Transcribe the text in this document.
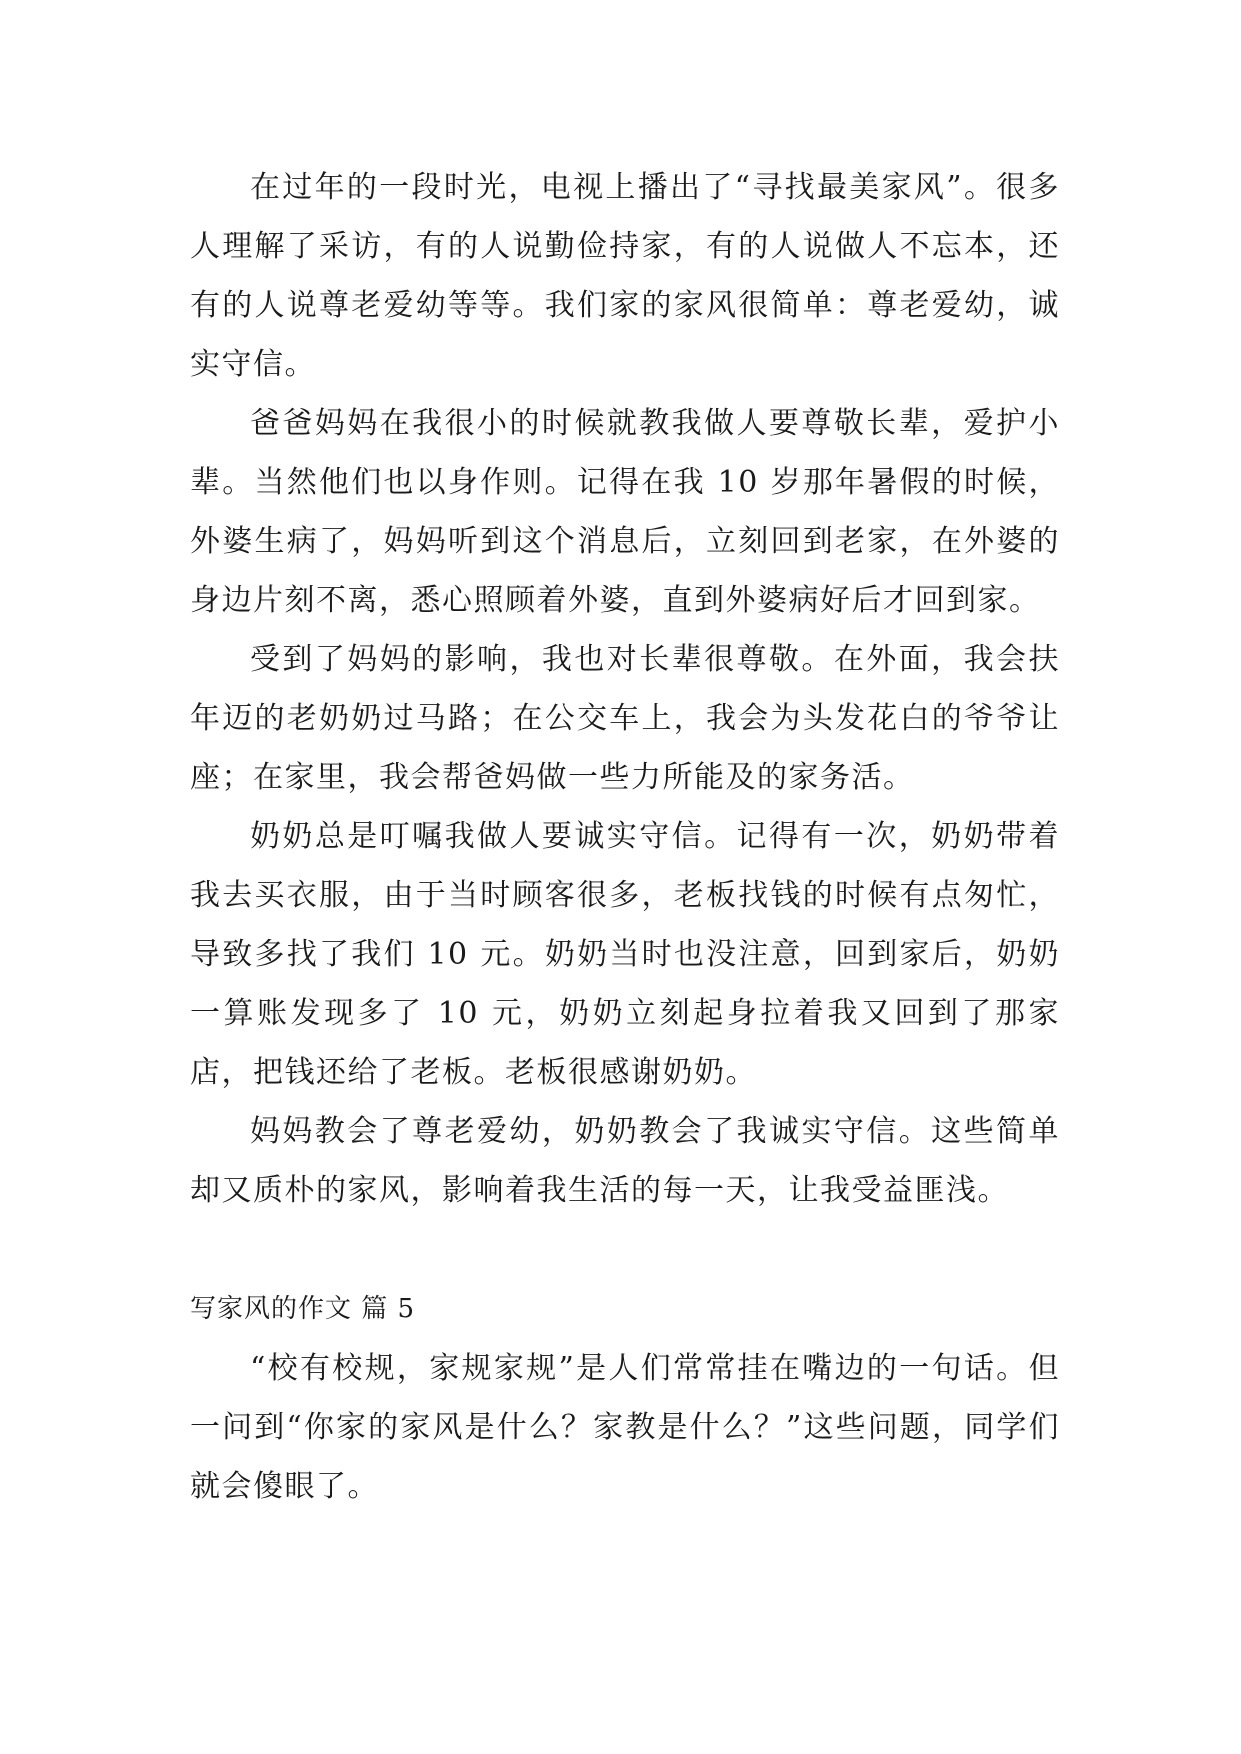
在过年的一段时光，电视上播出了“寻找最美家风”。很多人理解了采访，有的人说勤俭持家，有的人说做人不忘本，还有的人说尊老爱幼等等。我们家的家风很简单：尊老爱幼，诚实守信。

爸爸妈妈在我很小的时候就教我做人要尊敬长辈，爱护小辈。当然他们也以身作则。记得在我 10 岁那年暑假的时候，外婆生病了，妈妈听到这个消息后，立刻回到老家，在外婆的身边片刻不离，悉心照顾着外婆，直到外婆病好后才回到家。

受到了妈妈的影响，我也对长辈很尊敬。在外面，我会扶年迈的老奶奶过马路；在公交车上，我会为头发花白的爷爷让座；在家里，我会帮爸妈做一些力所能及的家务活。

奶奶总是叮嘱我做人要诚实守信。记得有一次，奶奶带着我去买衣服，由于当时顾客很多，老板找钱的时候有点匆忙，导致多找了我们 10 元。奶奶当时也没注意，回到家后，奶奶一算账发现多了 10 元，奶奶立刻起身拉着我又回到了那家店，把钱还给了老板。老板很感谢奶奶。

妈妈教会了尊老爱幼，奶奶教会了我诚实守信。这些简单却又质朴的家风，影响着我生活的每一天，让我受益匪浅。

写家风的作文 篇 5

“校有校规，家规家规”是人们常常挂在嘴边的一句话。但一问到“你家的家风是什么？家教是什么？”这些问题，同学们就会傻眼了。
